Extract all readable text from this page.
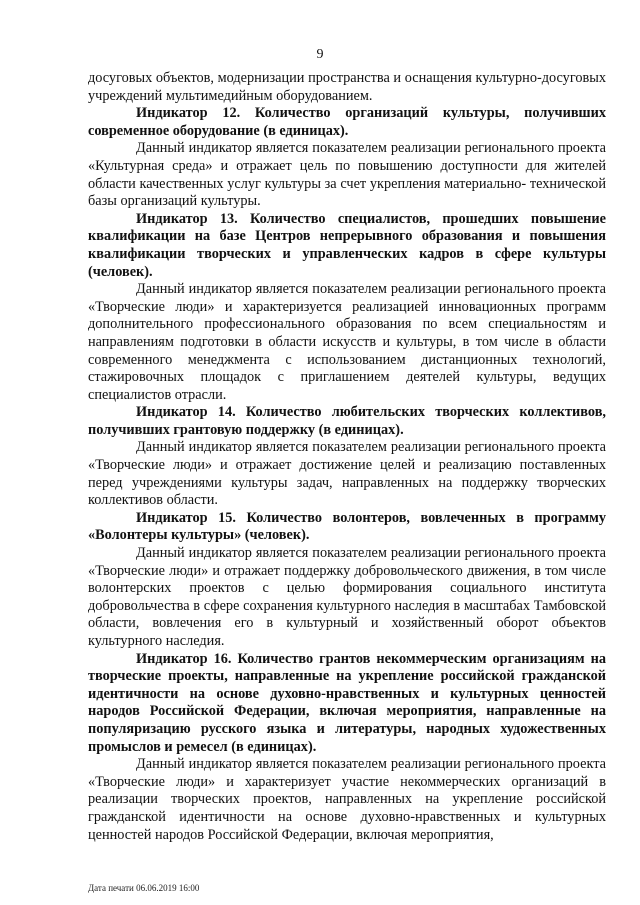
9

досуговых объектов, модернизации пространства и оснащения культурно-досуговых учреждений мультимедийным оборудованием.

Индикатор 12. Количество организаций культуры, получивших современное оборудование (в единицах).

Данный индикатор является показателем реализации регионального проекта «Культурная среда» и отражает цель по повышению доступности для жителей области качественных услуг культуры за счет укрепления материально- технической базы организаций культуры.

Индикатор 13. Количество специалистов, прошедших повышение квалификации на базе Центров непрерывного образования и повышения квалификации творческих и управленческих кадров в сфере культуры (человек).

Данный индикатор является показателем реализации регионального проекта «Творческие люди» и характеризуется реализацией инновационных программ дополнительного профессионального образования по всем специальностям и направлениям подготовки в области искусств и культуры, в том числе в области современного менеджмента с использованием дистанционных технологий, стажировочных площадок с приглашением деятелей культуры, ведущих специалистов отрасли.

Индикатор 14. Количество любительских творческих коллективов, получивших грантовую поддержку (в единицах).

Данный индикатор является показателем реализации регионального проекта «Творческие люди» и отражает достижение целей и реализацию поставленных перед учреждениями культуры задач, направленных на поддержку творческих коллективов области.

Индикатор 15. Количество волонтеров, вовлеченных в программу «Волонтеры культуры» (человек).

Данный индикатор является показателем реализации регионального проекта «Творческие люди» и отражает поддержку добровольческого движения, в том числе волонтерских проектов с целью формирования социального института добровольчества в сфере сохранения культурного наследия в масштабах Тамбовской области, вовлечения его в культурный и хозяйственный оборот объектов культурного наследия.

Индикатор 16. Количество грантов некоммерческим организациям на творческие проекты, направленные на укрепление российской гражданской идентичности на основе духовно-нравственных и культурных ценностей народов Российской Федерации, включая мероприятия, направленные на популяризацию русского языка и литературы, народных художественных промыслов и ремесел (в единицах).

Данный индикатор является показателем реализации регионального проекта «Творческие люди» и характеризует участие некоммерческих организаций в реализации творческих проектов, направленных на укрепление российской гражданской идентичности на основе духовно-нравственных и культурных ценностей народов Российской Федерации, включая мероприятия,

Дата печати 06.06.2019 16:00
